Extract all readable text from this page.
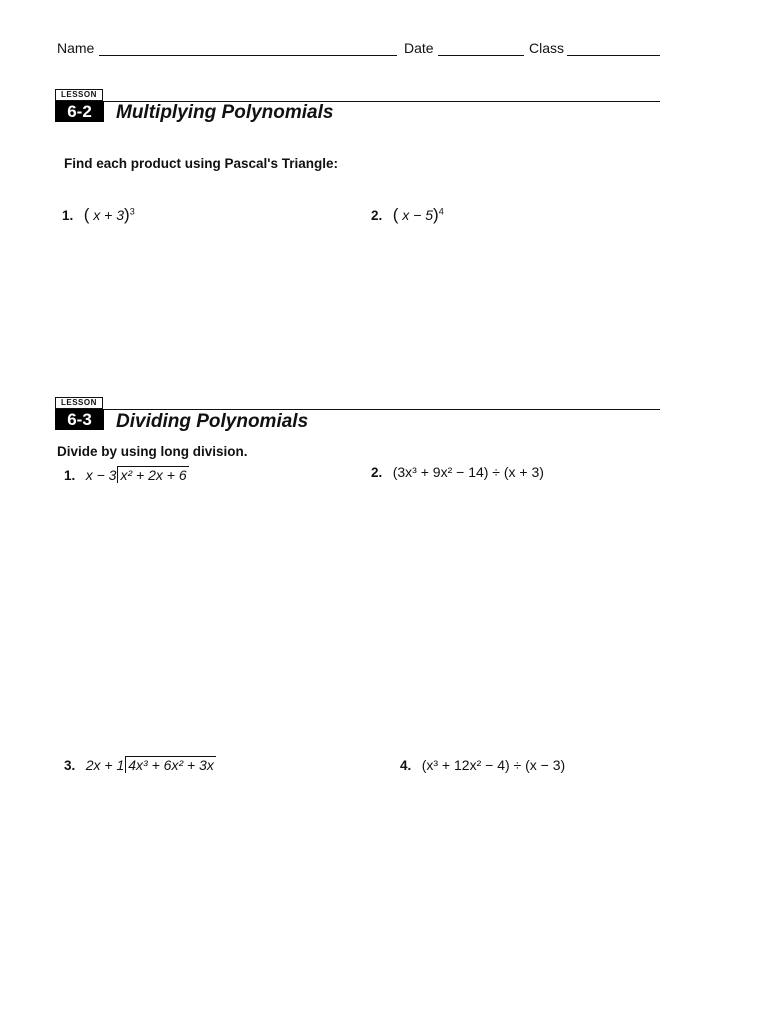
Name	Date	Class
LESSON
6-2	Multiplying Polynomials
Find each product using Pascal's Triangle:
1. ( x + 3)$^3$	2. ( x − 5)$^4$
LESSON
6-3	Dividing Polynomials
Divide by using long division.
1. x − 3 x² + 2x + 6	2. (3x³ + 9x² − 14) ÷ (x + 3)
3. 2x + 1 4x³ + 6x² + 3x	4. (x³ + 12x² − 4) ÷ (x − 3)
